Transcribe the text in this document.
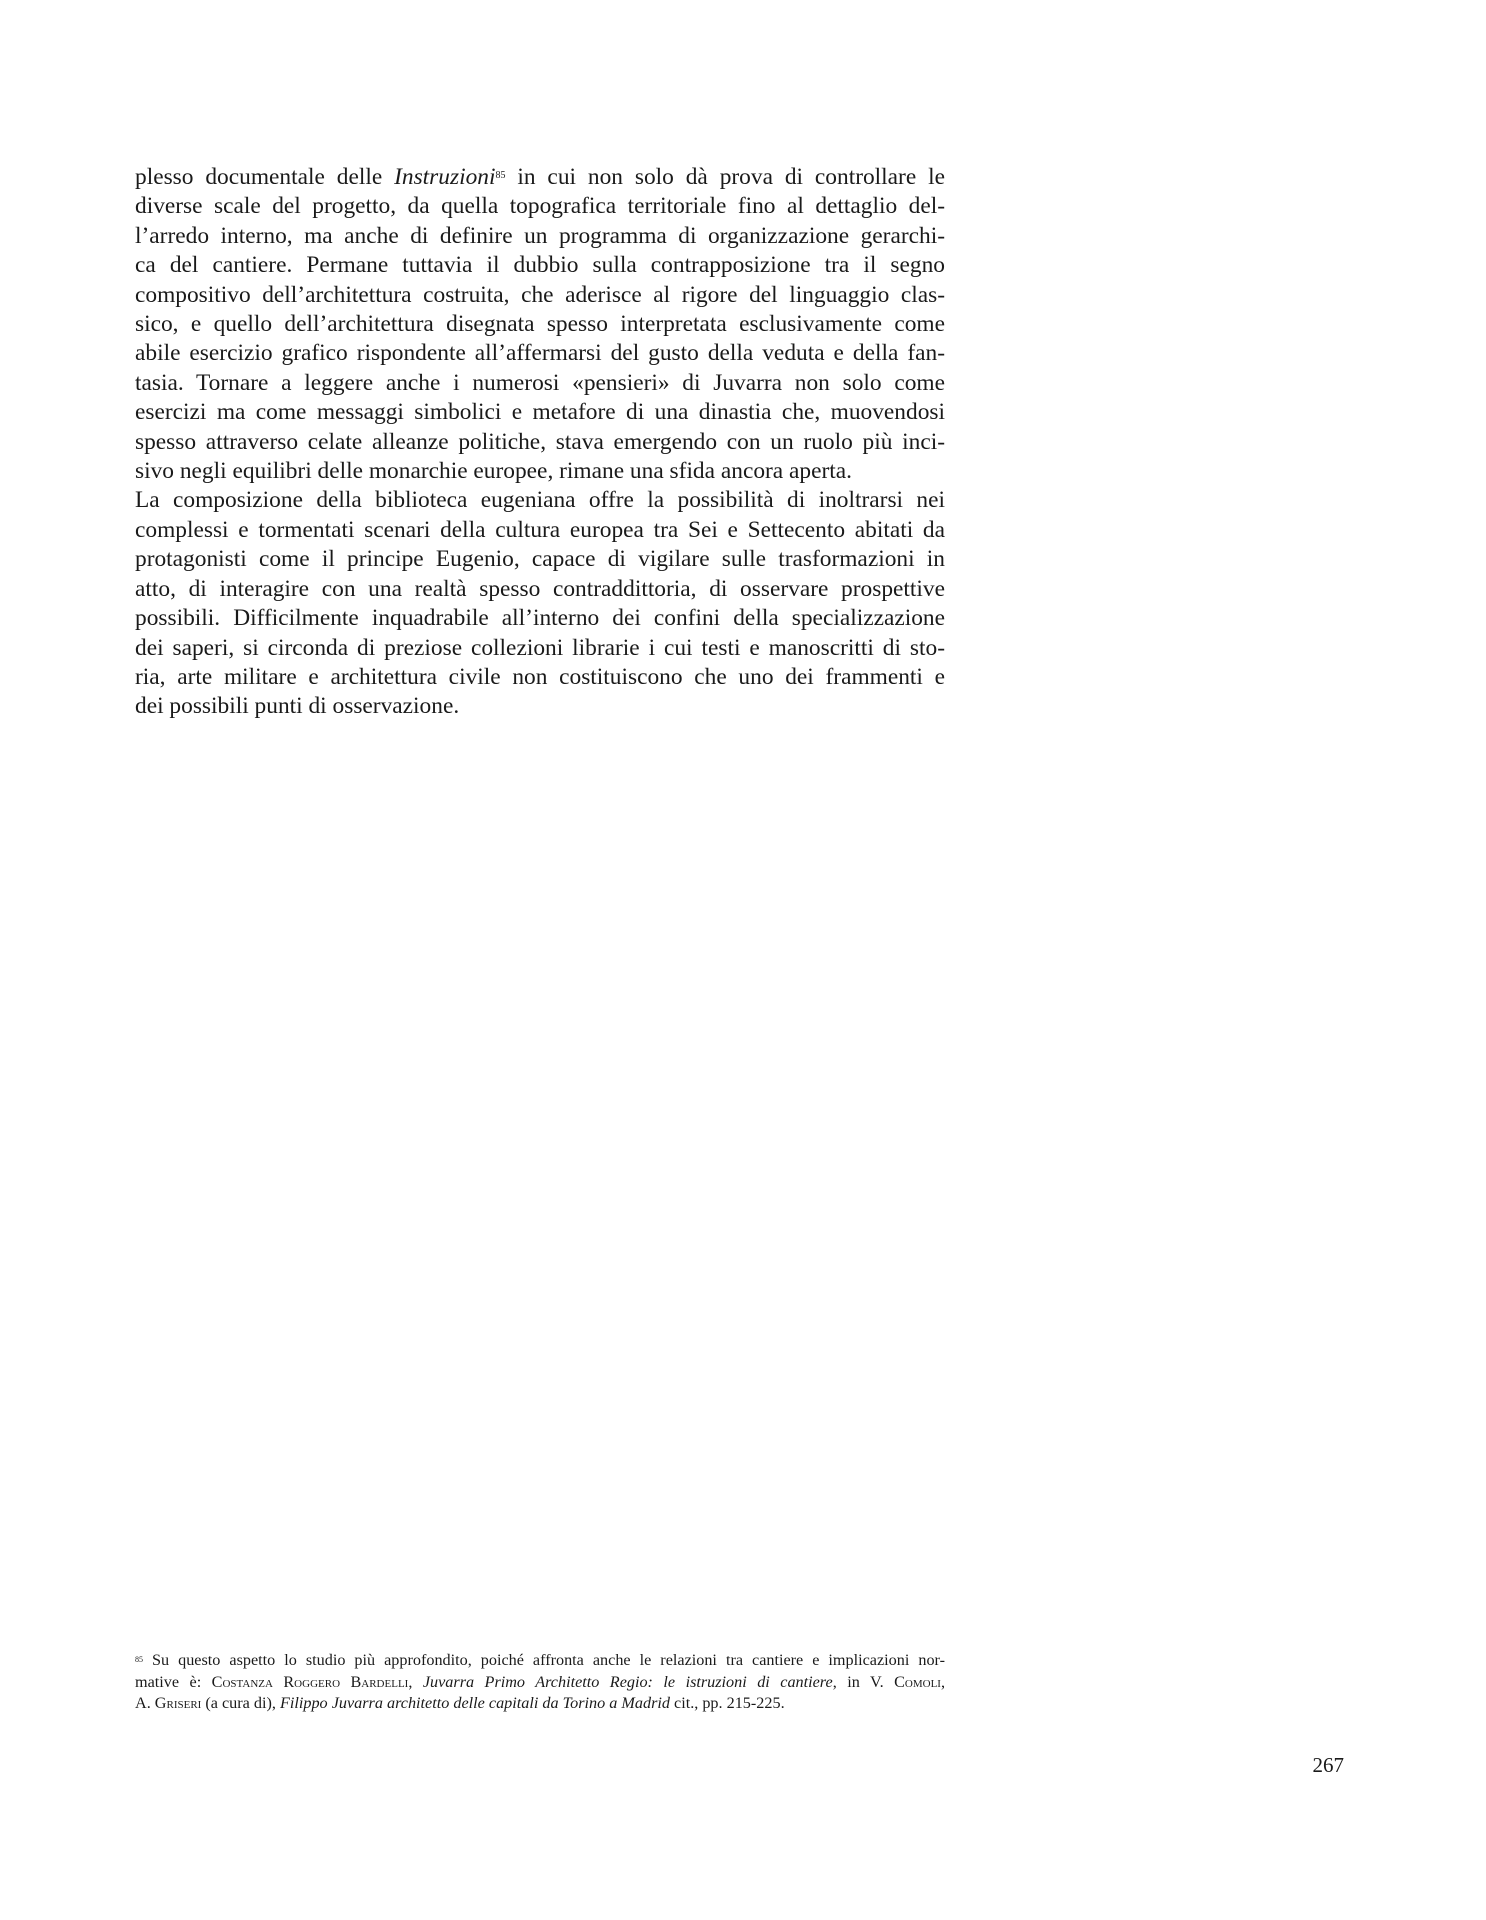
plesso documentale delle Instruzioni$^{85}$ in cui non solo dà prova di controllare le
diverse scale del progetto, da quella topografica territoriale fino al dettaglio del-
l’arredo interno, ma anche di definire un programma di organizzazione gerarchi-
ca del cantiere. Permane tuttavia il dubbio sulla contrapposizione tra il segno
compositivo dell’architettura costruita, che aderisce al rigore del linguaggio clas-
sico, e quello dell’architettura disegnata spesso interpretata esclusivamente come
abile esercizio grafico rispondente all’affermarsi del gusto della veduta e della fan-
tasia. Tornare a leggere anche i numerosi «pensieri» di Juvarra non solo come
esercizi ma come messaggi simbolici e metafore di una dinastia che, muovendosi
spesso attraverso celate alleanze politiche, stava emergendo con un ruolo più inci-
sivo negli equilibri delle monarchie europee, rimane una sfida ancora aperta.
La composizione della biblioteca eugeniana offre la possibilità di inoltrarsi nei
complessi e tormentati scenari della cultura europea tra Sei e Settecento abitati da
protagonisti come il principe Eugenio, capace di vigilare sulle trasformazioni in
atto, di interagire con una realtà spesso contraddittoria, di osservare prospettive
possibili. Difficilmente inquadrabile all’interno dei confini della specializzazione
dei saperi, si circonda di preziose collezioni librarie i cui testi e manoscritti di sto-
ria, arte militare e architettura civile non costituiscono che uno dei frammenti e
dei possibili punti di osservazione.
$^{85}$ Su questo aspetto lo studio più approfondito, poiché affronta anche le relazioni tra cantiere e implicazioni nor-
mative è: Costanza Roggero Bardelli, Juvarra Primo Architetto Regio: le istruzioni di cantiere, in V. Comoli,
A. Griseri (a cura di), Filippo Juvarra architetto delle capitali da Torino a Madrid cit., pp. 215-225.
267
